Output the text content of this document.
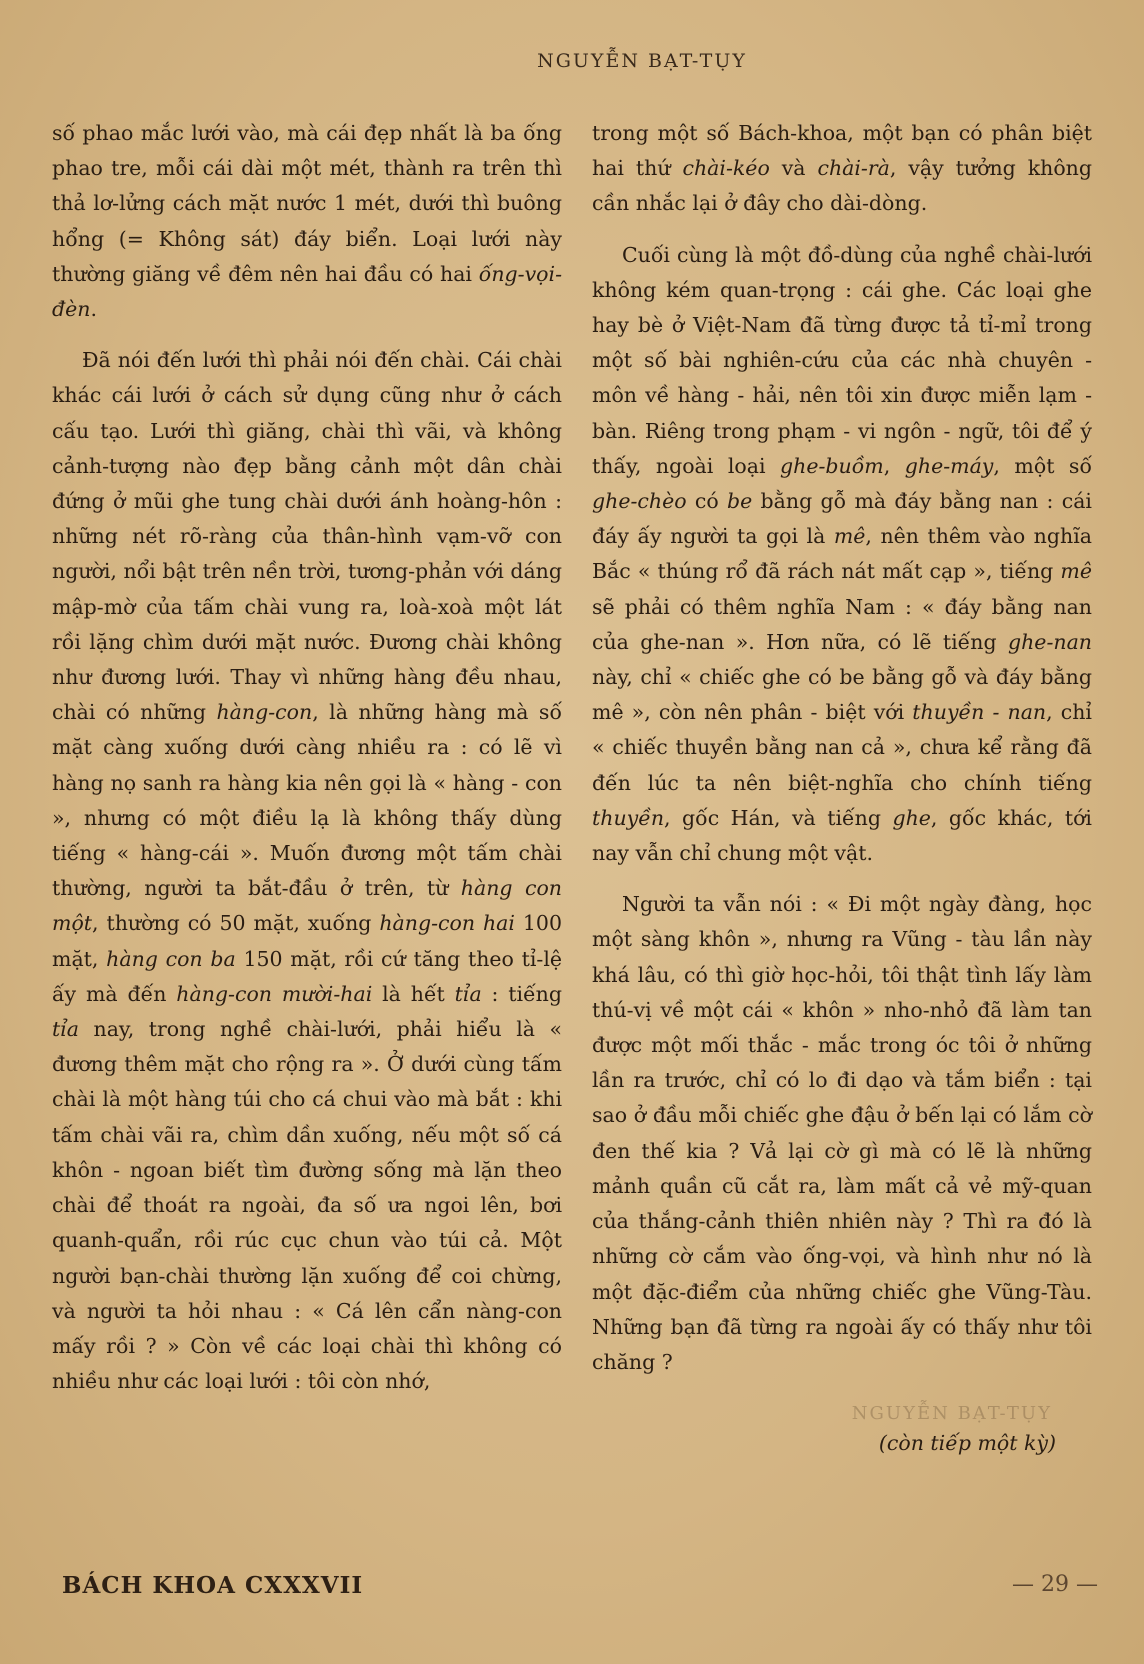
NGUYỄN BẠT-TỤY

số phao mắc lưới vào, mà cái đẹp nhất là ba ống phao tre, mỗi cái dài một mét, thành ra trên thì thả lơ-lửng cách mặt nước 1 mét, dưới thì buông hổng (= Không sát) đáy biển. Loại lưới này thường giăng về đêm nên hai đầu có hai ống-vọi-đèn.

Đã nói đến lưới thì phải nói đến chài. Cái chài khác cái lưới ở cách sử dụng cũng như ở cách cấu tạo. Lưới thì giăng, chài thì vãi, và không cảnh-tượng nào đẹp bằng cảnh một dân chài đứng ở mũi ghe tung chài dưới ánh hoàng-hôn : những nét rõ-ràng của thân-hình vạm-vỡ con người, nổi bật trên nền trời, tương-phản với dáng mập-mờ của tấm chài vung ra, loà-xoà một lát rồi lặng chìm dưới mặt nước. Đương chài không như đương lưới. Thay vì những hàng đều nhau, chài có những hàng-con, là những hàng mà số mặt càng xuống dưới càng nhiều ra : có lẽ vì hàng nọ sanh ra hàng kia nên gọi là « hàng - con », nhưng có một điều lạ là không thấy dùng tiếng « hàng-cái ». Muốn đương một tấm chài thường, người ta bắt-đầu ở trên, từ hàng con một, thường có 50 mặt, xuống hàng-con hai 100 mặt, hàng con ba 150 mặt, rồi cứ tăng theo tỉ-lệ ấy mà đến hàng-con mười-hai là hết tỉa : tiếng tỉa nay, trong nghề chài-lưới, phải hiểu là « đương thêm mặt cho rộng ra ». Ở dưới cùng tấm chài là một hàng túi cho cá chui vào mà bắt : khi tấm chài vãi ra, chìm dần xuống, nếu một số cá khôn - ngoan biết tìm đường sống mà lặn theo chài để thoát ra ngoài, đa số ưa ngoi lên, bơi quanh-quẩn, rồi rúc cục chun vào túi cả. Một người bạn-chài thường lặn xuống để coi chừng, và người ta hỏi nhau : « Cá lên cẩn nàng-con mấy rồi ? » Còn về các loại chài thì không có nhiều như các loại lưới : tôi còn nhớ,

trong một số Bách-khoa, một bạn có phân biệt hai thứ chài-kéo và chài-rà, vậy tưởng không cần nhắc lại ở đây cho dài-dòng.

Cuối cùng là một đồ-dùng của nghề chài-lưới không kém quan-trọng : cái ghe. Các loại ghe hay bè ở Việt-Nam đã từng được tả tỉ-mỉ trong một số bài nghiên-cứu của các nhà chuyên - môn về hàng - hải, nên tôi xin được miễn lạm - bàn. Riêng trong phạm - vi ngôn - ngữ, tôi để ý thấy, ngoài loại ghe-buồm, ghe-máy, một số ghe-chèo có be bằng gỗ mà đáy bằng nan : cái đáy ấy người ta gọi là mê, nên thêm vào nghĩa Bắc « thúng rổ đã rách nát mất cạp », tiếng mê sẽ phải có thêm nghĩa Nam : « đáy bằng nan của ghe-nan ». Hơn nữa, có lẽ tiếng ghe-nan này, chỉ « chiếc ghe có be bằng gỗ và đáy bằng mê », còn nên phân - biệt với thuyền - nan, chỉ « chiếc thuyền bằng nan cả », chưa kể rằng đã đến lúc ta nên biệt-nghĩa cho chính tiếng thuyền, gốc Hán, và tiếng ghe, gốc khác, tới nay vẫn chỉ chung một vật.

Người ta vẫn nói : « Đi một ngày đàng, học một sàng khôn », nhưng ra Vũng - tàu lần này khá lâu, có thì giờ học-hỏi, tôi thật tình lấy làm thú-vị về một cái « khôn » nho-nhỏ đã làm tan được một mối thắc - mắc trong óc tôi ở những lần ra trước, chỉ có lo đi dạo và tắm biển : tại sao ở đầu mỗi chiếc ghe đậu ở bến lại có lắm cờ đen thế kia ? Vả lại cờ gì mà có lẽ là những mảnh quần cũ cắt ra, làm mất cả vẻ mỹ-quan của thắng-cảnh thiên nhiên này ? Thì ra đó là những cờ cắm vào ống-vọi, và hình như nó là một đặc-điểm của những chiếc ghe Vũng-Tàu. Những bạn đã từng ra ngoài ấy có thấy như tôi chăng ?

NGUYỄN BẠT-TỤY
(còn tiếp một kỳ)
BÁCH KHOA CXXXVII	— 29 —
